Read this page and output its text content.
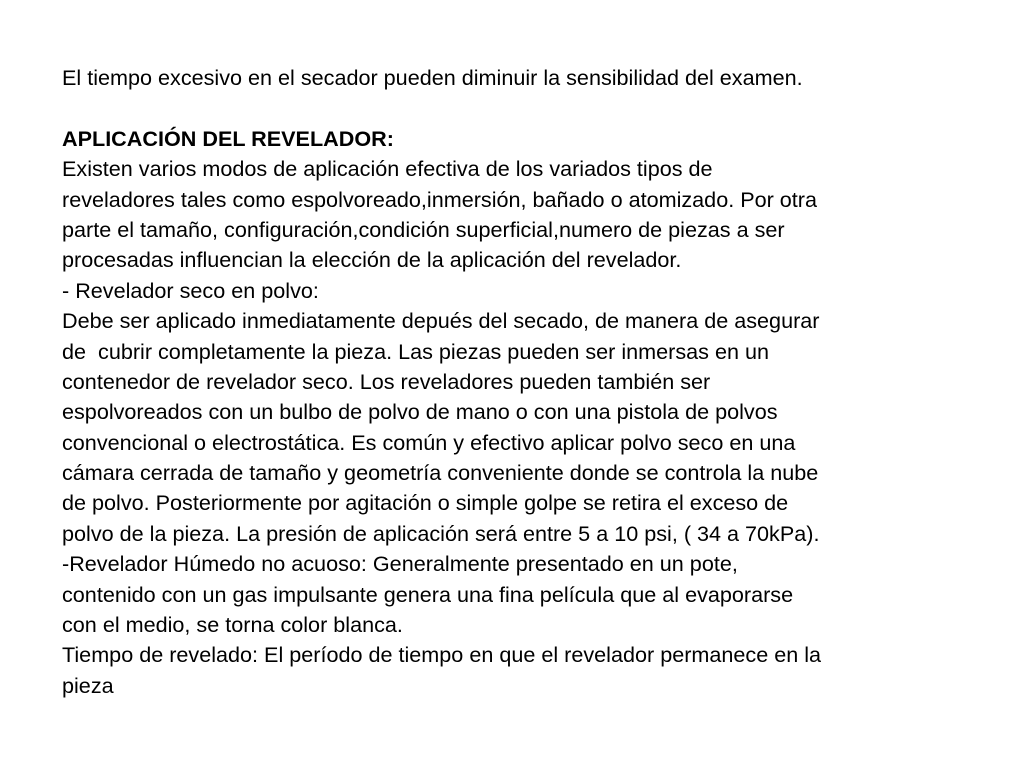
El tiempo excesivo en el secador pueden diminuir la sensibilidad del examen.
APLICACIÓN DEL REVELADOR:
Existen varios modos de aplicación efectiva de los variados tipos de
reveladores tales como espolvoreado,inmersión, bañado o atomizado. Por otra
parte el tamaño, configuración,condición superficial,numero de piezas a ser
procesadas influencian la elección de la aplicación del revelador.
- Revelador seco en polvo:
Debe ser aplicado inmediatamente depués del secado, de manera de asegurar
de  cubrir completamente la pieza. Las piezas pueden ser inmersas en un
contenedor de revelador seco. Los reveladores pueden también ser
espolvoreados con un bulbo de polvo de mano o con una pistola de polvos
convencional o electrostática. Es común y efectivo aplicar polvo seco en una
cámara cerrada de tamaño y geometría conveniente donde se controla la nube
de polvo. Posteriormente por agitación o simple golpe se retira el exceso de
polvo de la pieza. La presión de aplicación será entre 5 a 10 psi, ( 34 a 70kPa).
-Revelador Húmedo no acuoso: Generalmente presentado en un pote,
contenido con un gas impulsante genera una fina película que al evaporarse
con el medio, se torna color blanca.
Tiempo de revelado: El período de tiempo en que el revelador permanece en la
pieza
